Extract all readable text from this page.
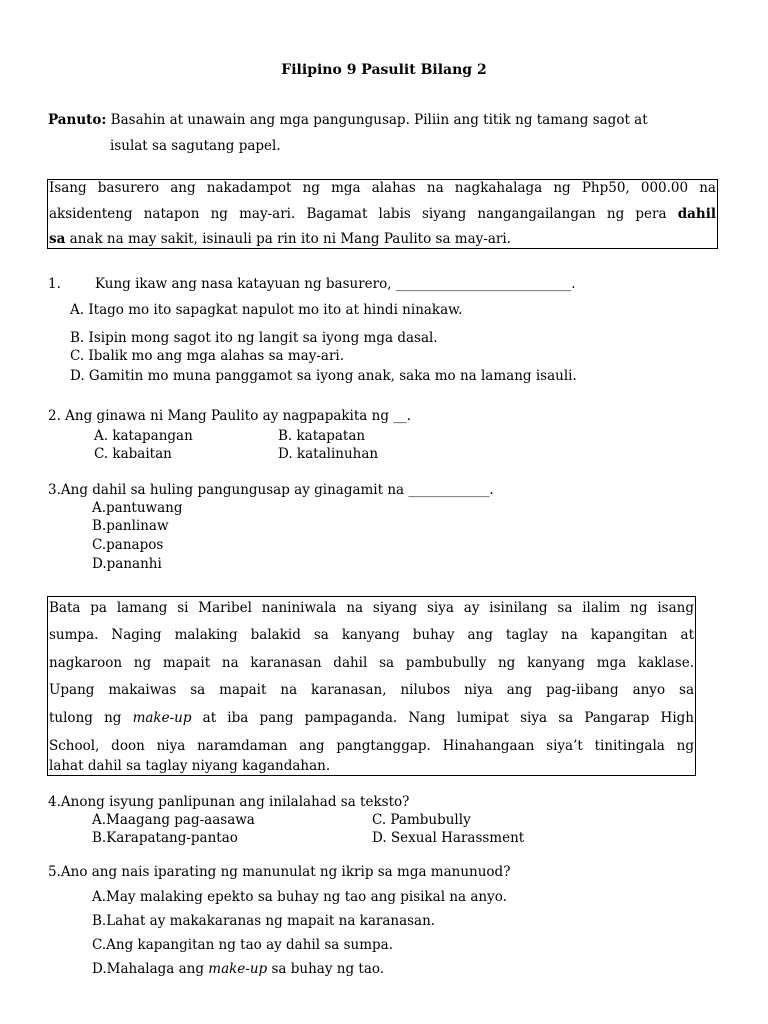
Filipino 9 Pasulit Bilang 2
Panuto: Basahin at unawain ang mga pangungusap. Piliin ang titik ng tamang sagot at
isulat sa sagutang papel.
Isang basurero ang nakadampot ng mga alahas na nagkahalaga ng Php50, 000.00 na
aksidenteng natapon ng may-ari. Bagamat labis siyang nangangailangan ng pera dahil
sa anak na may sakit, isinauli pa rin ito ni Mang Paulito sa may-ari.
1.	Kung ikaw ang nasa katayuan ng basurero, __________________________.
A. Itago mo ito sapagkat napulot mo ito at hindi ninakaw.
B. Isipin mong sagot ito ng langit sa iyong mga dasal.
C. Ibalik mo ang mga alahas sa may-ari.
D. Gamitin mo muna panggamot sa iyong anak, saka mo na lamang isauli.
2. Ang ginawa ni Mang Paulito ay nagpapakita ng __.
A. katapangan	B. katapatan
C. kabaitan	D. katalinuhan
3.Ang dahil sa huling pangungusap ay ginagamit na ____________.
A.pantuwang
B.panlinaw
C.panapos
D.pananhi
Bata pa lamang si Maribel naniniwala na siyang siya ay isinilang sa ilalim ng isang
sumpa. Naging malaking balakid sa kanyang buhay ang taglay na kapangitan at
nagkaroon ng mapait na karanasan dahil sa pambubully ng kanyang mga kaklase.
Upang makaiwas sa mapait na karanasan, nilubos niya ang pag-iibang anyo sa
tulong ng make-up at iba pang pampaganda. Nang lumipat siya sa Pangarap High
School, doon niya naramdaman ang pangtanggap. Hinahangaan siya’t tinitingala ng
lahat dahil sa taglay niyang kagandahan.
4.Anong isyung panlipunan ang inilalahad sa teksto?
A.Maagang pag-aasawa	C. Pambubully
B.Karapatang-pantao	D. Sexual Harassment
5.Ano ang nais iparating ng manunulat ng ikrip sa mga manunuod?
A.May malaking epekto sa buhay ng tao ang pisikal na anyo.
B.Lahat ay makakaranas ng mapait na karanasan.
C.Ang kapangitan ng tao ay dahil sa sumpa.
D.Mahalaga ang make-up sa buhay ng tao.
